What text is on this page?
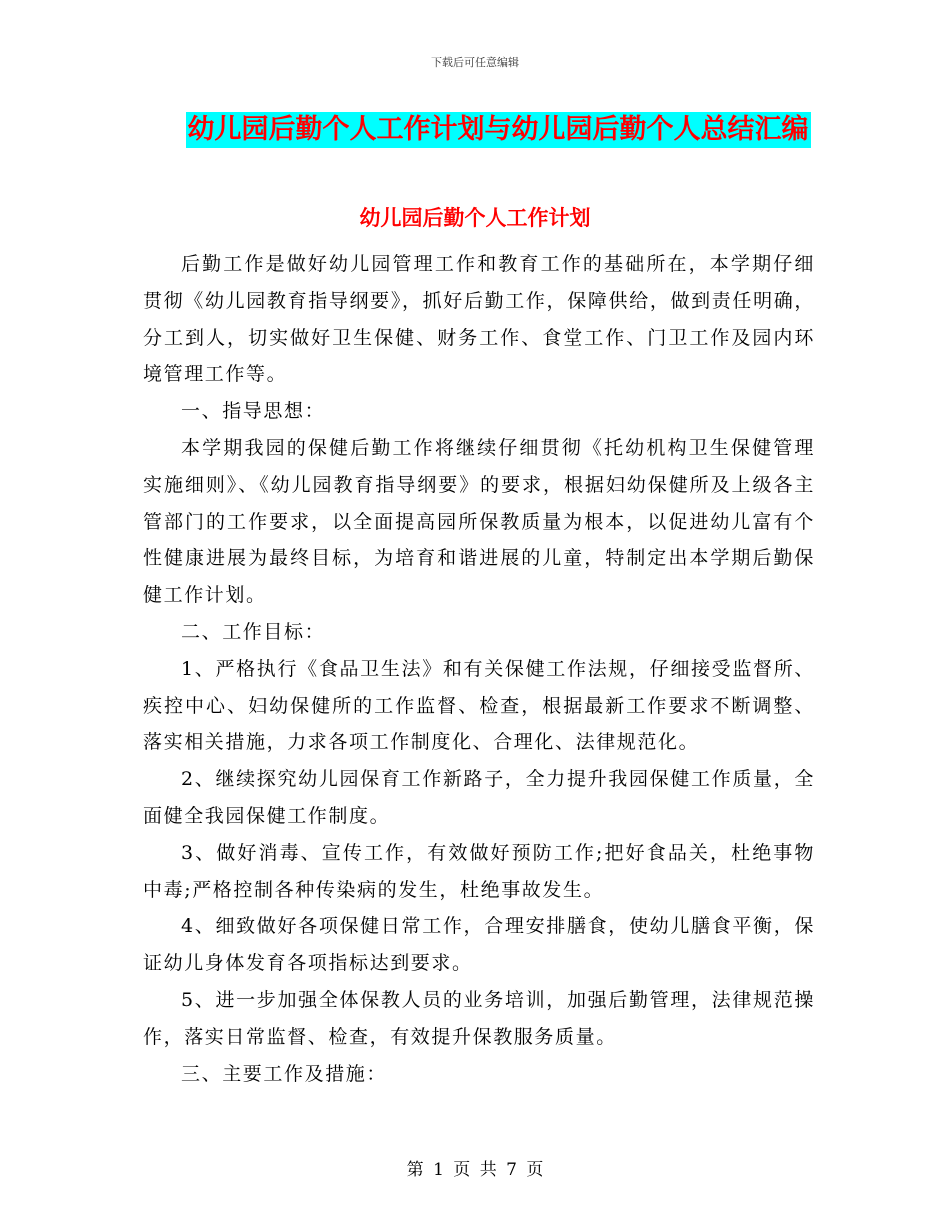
下载后可任意编辑
幼儿园后勤个人工作计划与幼儿园后勤个人总结汇编
幼儿园后勤个人工作计划

后勤工作是做好幼儿园管理工作和教育工作的基础所在，本学期仔细贯彻《幼儿园教育指导纲要》，抓好后勤工作，保障供给，做到责任明确，分工到人，切实做好卫生保健、财务工作、食堂工作、门卫工作及园内环境管理工作等。

一、指导思想：

本学期我园的保健后勤工作将继续仔细贯彻《托幼机构卫生保健管理实施细则》、《幼儿园教育指导纲要》的要求，根据妇幼保健所及上级各主管部门的工作要求，以全面提高园所保教质量为根本，以促进幼儿富有个性健康进展为最终目标，为培育和谐进展的儿童，特制定出本学期后勤保健工作计划。

二、工作目标：

1、严格执行《食品卫生法》和有关保健工作法规，仔细接受监督所、疾控中心、妇幼保健所的工作监督、检查，根据最新工作要求不断调整、落实相关措施，力求各项工作制度化、合理化、法律规范化。

2、继续探究幼儿园保育工作新路子，全力提升我园保健工作质量，全面健全我园保健工作制度。

3、做好消毒、宣传工作，有效做好预防工作;把好食品关，杜绝事物中毒;严格控制各种传染病的发生，杜绝事故发生。

4、细致做好各项保健日常工作，合理安排膳食，使幼儿膳食平衡，保证幼儿身体发育各项指标达到要求。

5、进一步加强全体保教人员的业务培训，加强后勤管理，法律规范操作，落实日常监督、检查，有效提升保教服务质量。

三、主要工作及措施：

第 1 页 共 7 页
